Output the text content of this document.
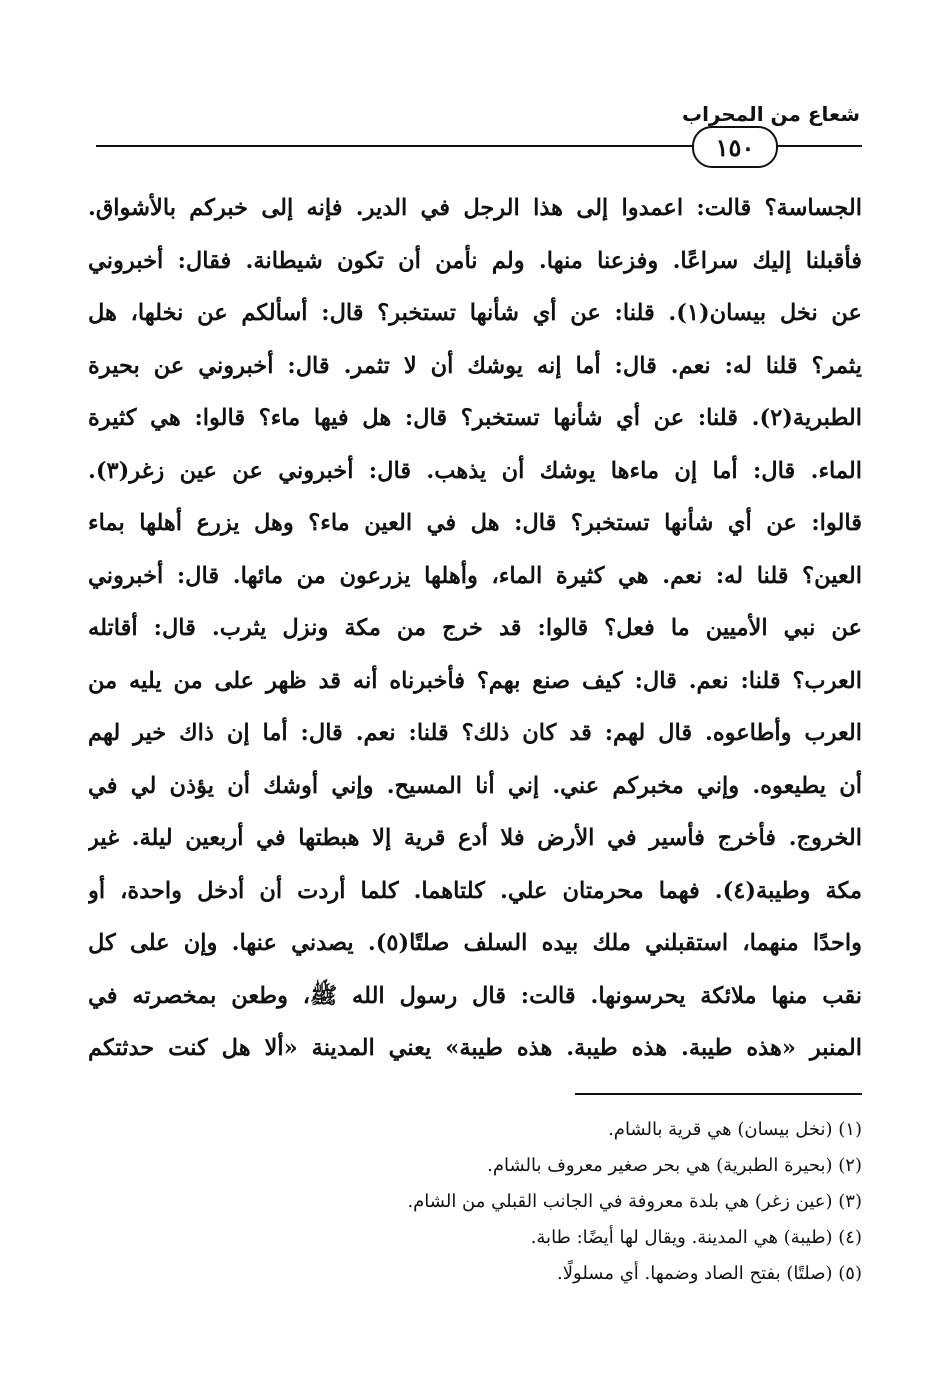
شعاع من المحراب
١٥٠
الجساسة؟ قالت: اعمدوا إلى هذا الرجل في الدير. فإنه إلى خبركم بالأشواق.
فأقبلنا إليك سراعًا. وفزعنا منها. ولم نأمن أن تكون شيطانة. فقال: أخبروني
عن نخل بيسان(١). قلنا: عن أي شأنها تستخبر؟ قال: أسألكم عن نخلها، هل
يثمر؟ قلنا له: نعم. قال: أما إنه يوشك أن لا تثمر. قال: أخبروني عن بحيرة
الطبرية(٢). قلنا: عن أي شأنها تستخبر؟ قال: هل فيها ماء؟ قالوا: هي كثيرة
الماء. قال: أما إن ماءها يوشك أن يذهب. قال: أخبروني عن عين زغر(٣).
قالوا: عن أي شأنها تستخبر؟ قال: هل في العين ماء؟ وهل يزرع أهلها بماء
العين؟ قلنا له: نعم. هي كثيرة الماء، وأهلها يزرعون من مائها. قال: أخبروني
عن نبي الأميين ما فعل؟ قالوا: قد خرج من مكة ونزل يثرب. قال: أقاتله
العرب؟ قلنا: نعم. قال: كيف صنع بهم؟ فأخبرناه أنه قد ظهر على من يليه من
العرب وأطاعوه. قال لهم: قد كان ذلك؟ قلنا: نعم. قال: أما إن ذاك خير لهم
أن يطيعوه. وإني مخبركم عني. إني أنا المسيح. وإني أوشك أن يؤذن لي في
الخروج. فأخرج فأسير في الأرض فلا أدع قرية إلا هبطتها في أربعين ليلة. غير
مكة وطيبة(٤). فهما محرمتان علي. كلتاهما. كلما أردت أن أدخل واحدة، أو
واحدًا منهما، استقبلني ملك بيده السلف صلتًا(٥). يصدني عنها. وإن على كل
نقب منها ملائكة يحرسونها. قالت: قال رسول الله ﷺ، وطعن بمخصرته في
المنبر «هذه طيبة. هذه طيبة. هذه طيبة» يعني المدينة «ألا هل كنت حدثتكم
(١) (نخل بيسان) هي قرية بالشام.
(٢) (بحيرة الطبرية) هي بحر صغير معروف بالشام.
(٣) (عين زغر) هي بلدة معروفة في الجانب القبلي من الشام.
(٤) (طيبة) هي المدينة. ويقال لها أيضًا: طابة.
(٥) (صلتًا) بفتح الصاد وضمها. أي مسلولًا.
